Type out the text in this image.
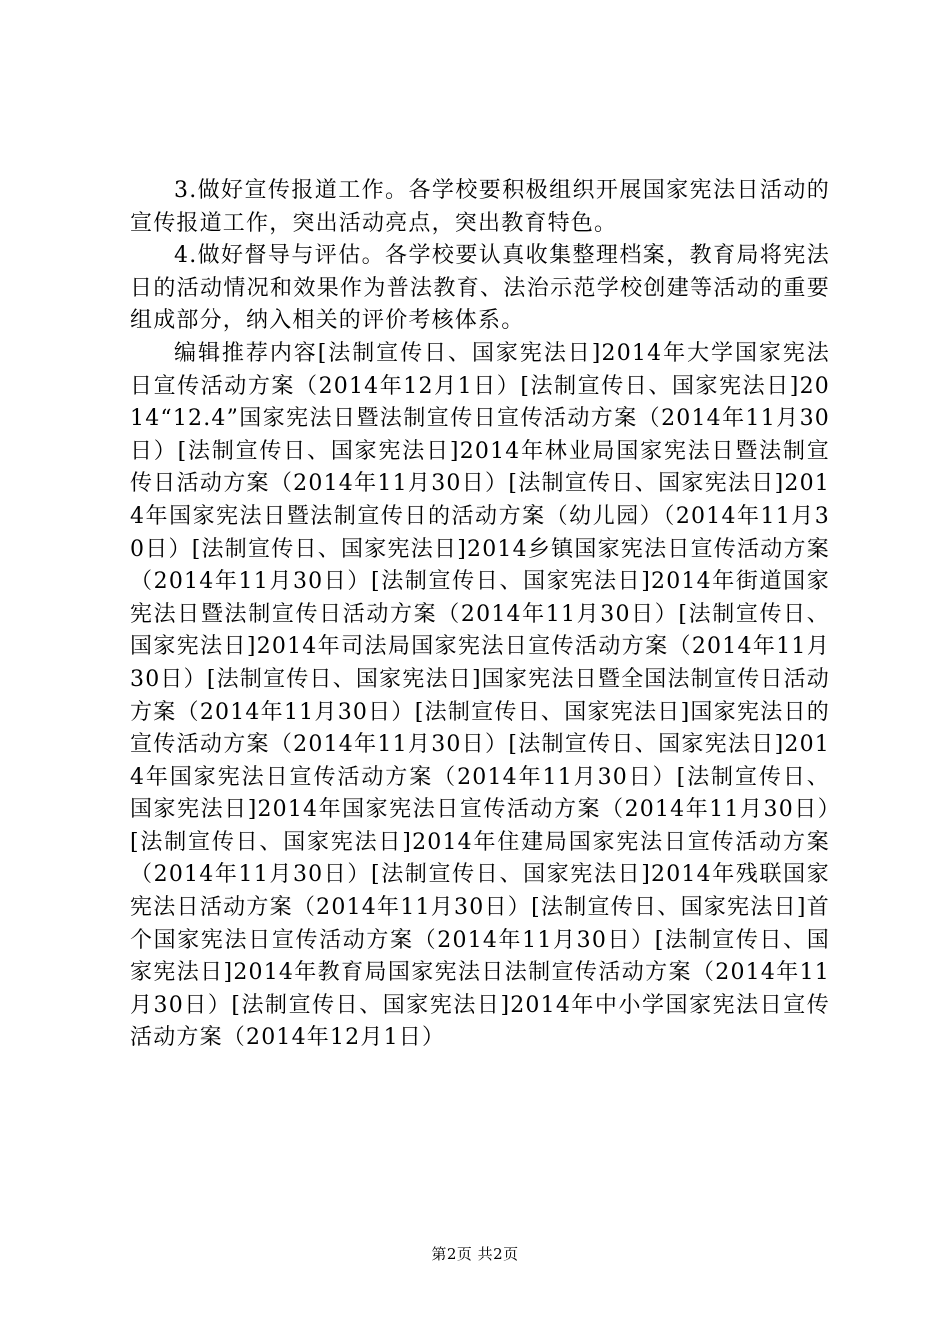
3.做好宣传报道工作。各学校要积极组织开展国家宪法日活动的宣传报道工作，突出活动亮点，突出教育特色。

4.做好督导与评估。各学校要认真收集整理档案，教育局将宪法日的活动情况和效果作为普法教育、法治示范学校创建等活动的重要组成部分，纳入相关的评价考核体系。

编辑推荐内容[法制宣传日、国家宪法日]2014年大学国家宪法日宣传活动方案（2014年12月1日）[法制宣传日、国家宪法日]2014“12.4”国家宪法日暨法制宣传日宣传活动方案（2014年11月30日）[法制宣传日、国家宪法日]2014年林业局国家宪法日暨法制宣传日活动方案（2014年11月30日）[法制宣传日、国家宪法日]2014年国家宪法日暨法制宣传日的活动方案（幼儿园）（2014年11月30日）[法制宣传日、国家宪法日]2014乡镇国家宪法日宣传活动方案（2014年11月30日）[法制宣传日、国家宪法日]2014年街道国家宪法日暨法制宣传日活动方案（2014年11月30日）[法制宣传日、国家宪法日]2014年司法局国家宪法日宣传活动方案（2014年11月30日）[法制宣传日、国家宪法日]国家宪法日暨全国法制宣传日活动方案（2014年11月30日）[法制宣传日、国家宪法日]国家宪法日的宣传活动方案（2014年11月30日）[法制宣传日、国家宪法日]2014年国家宪法日宣传活动方案（2014年11月30日）[法制宣传日、国家宪法日]2014年国家宪法日宣传活动方案（2014年11月30日）[法制宣传日、国家宪法日]2014年住建局国家宪法日宣传活动方案（2014年11月30日）[法制宣传日、国家宪法日]2014年残联国家宪法日活动方案（2014年11月30日）[法制宣传日、国家宪法日]首个国家宪法日宣传活动方案（2014年11月30日）[法制宣传日、国家宪法日]2014年教育局国家宪法日法制宣传活动方案（2014年11月30日）[法制宣传日、国家宪法日]2014年中小学国家宪法日宣传活动方案（2014年12月1日）

第2页 共2页
